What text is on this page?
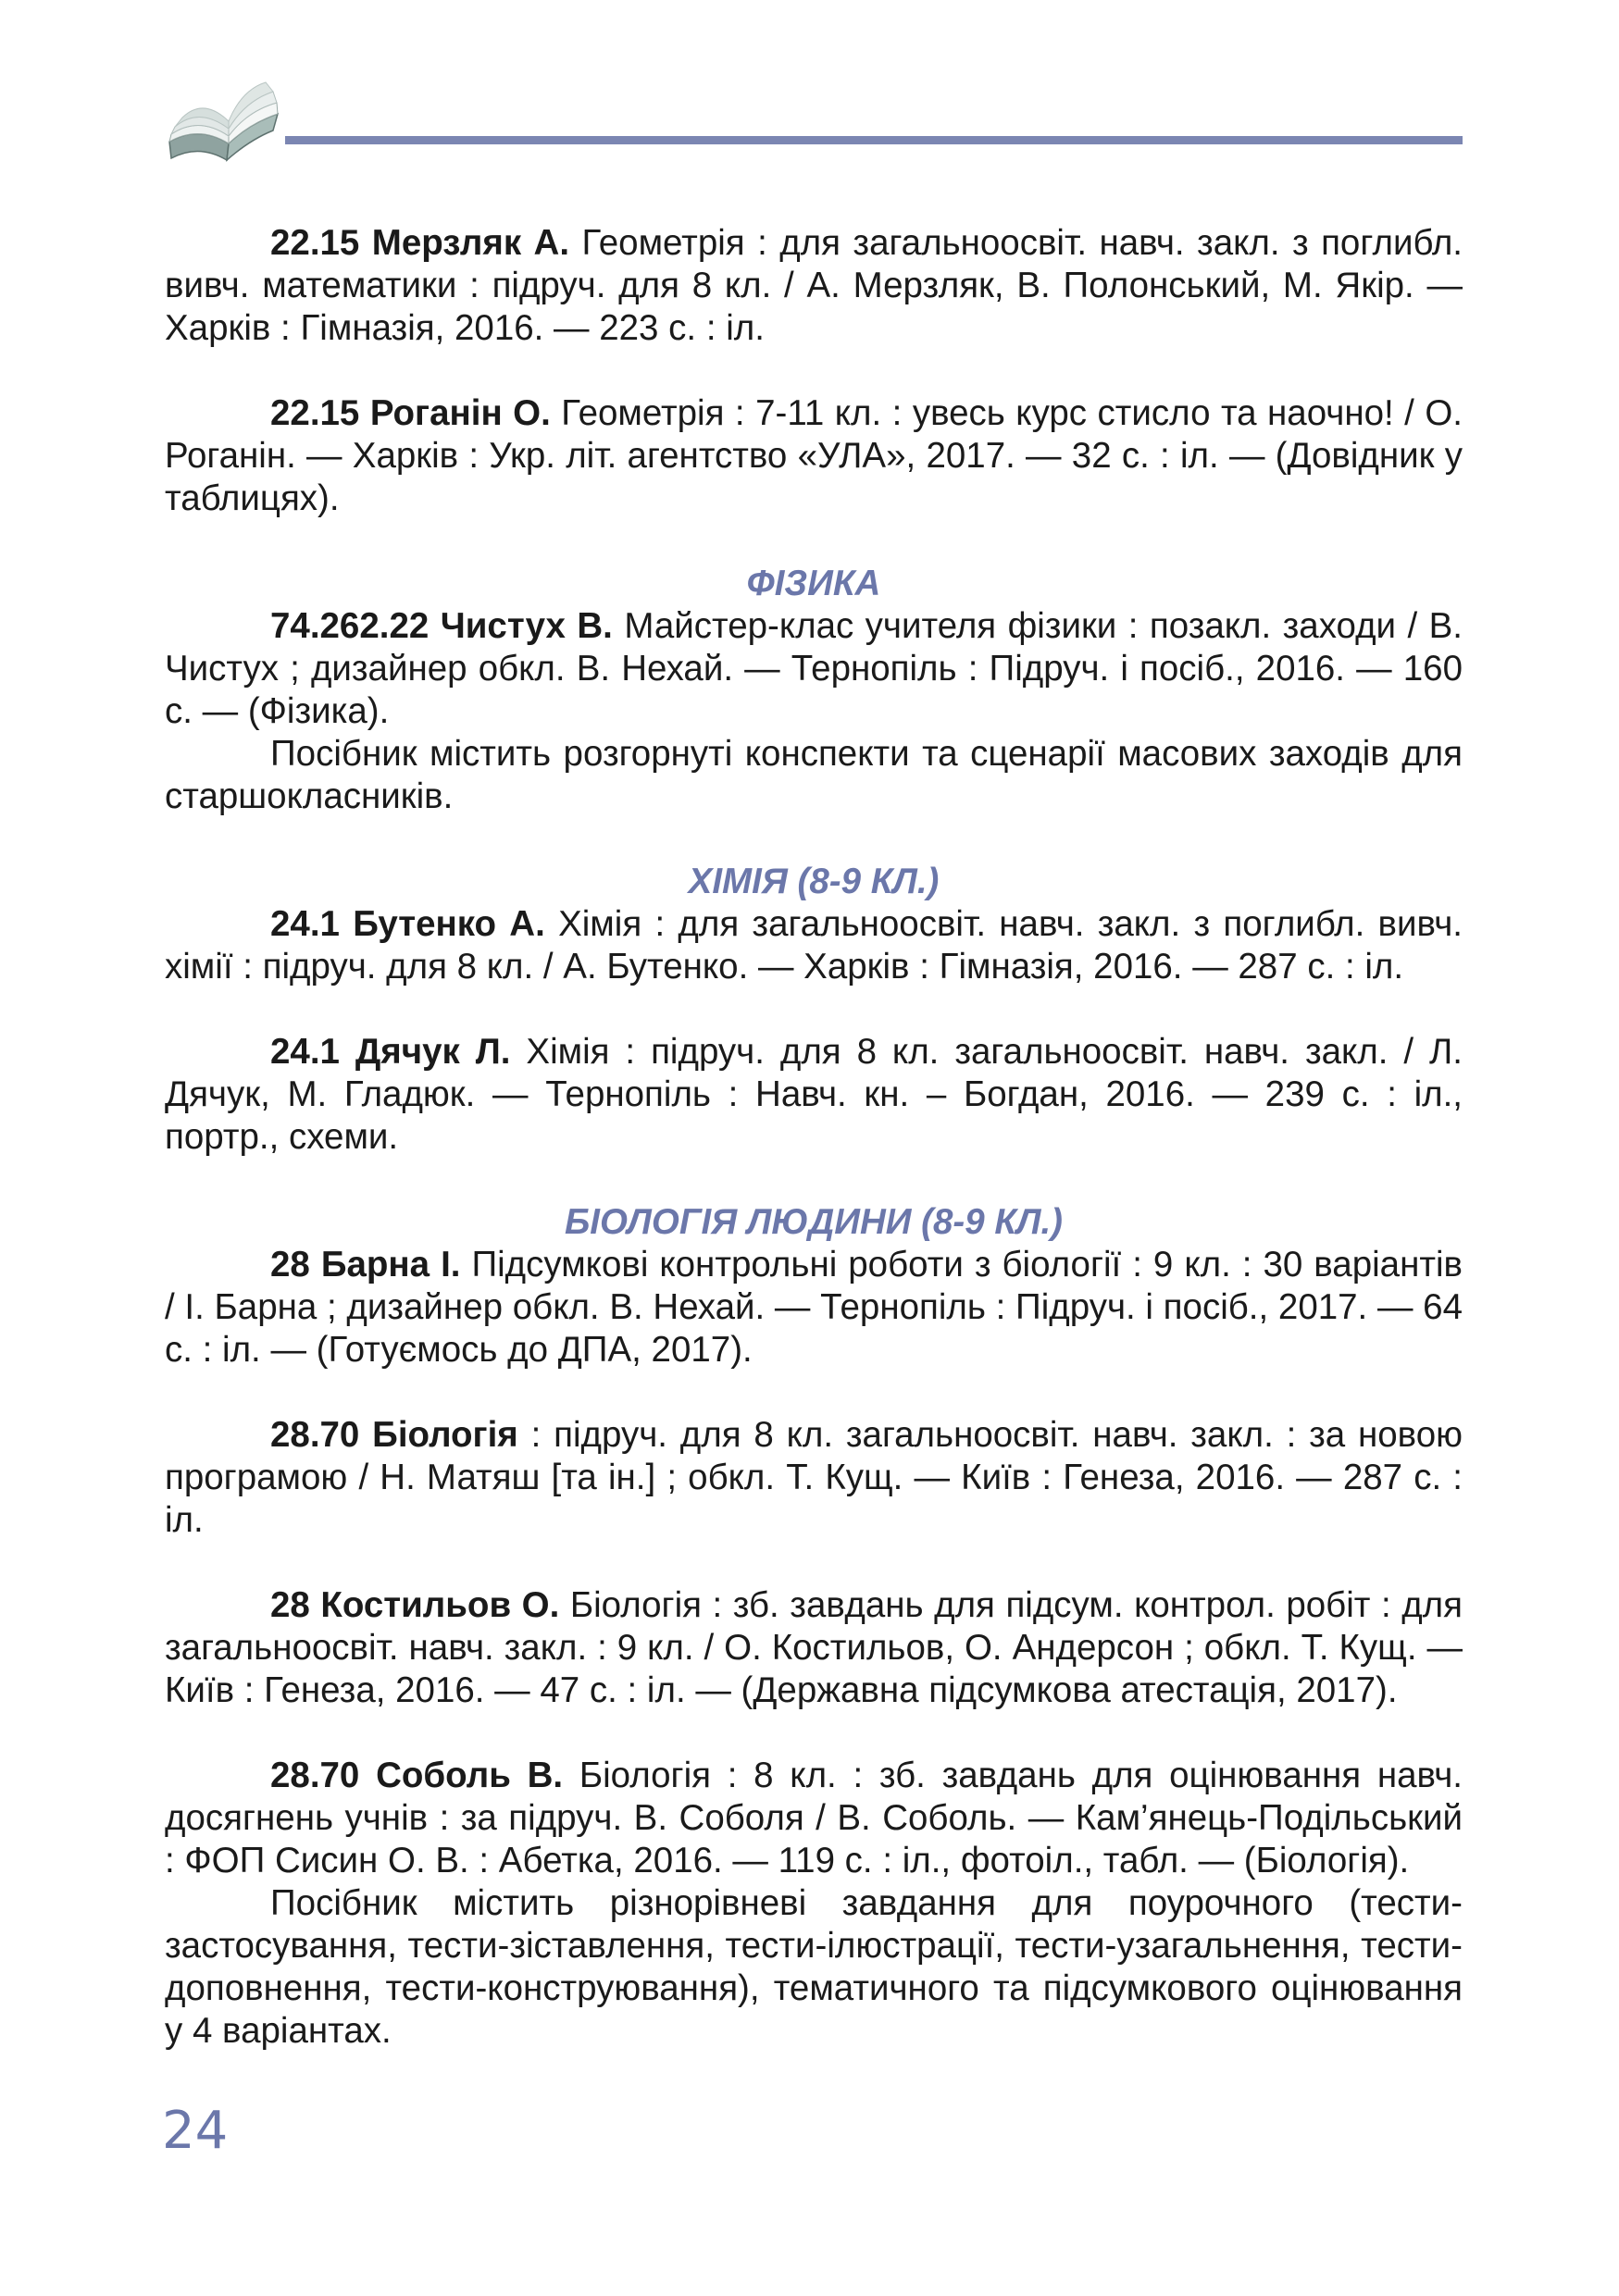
22.15 Мерзляк А. Геометрія : для загальноосвіт. навч. закл. з поглибл. вивч. математики : підруч. для 8 кл. / А. Мерзляк, В. Полонський, М. Якір. — Харків : Гімназія, 2016. — 223 с. : іл.

22.15 Роганін О. Геометрія : 7-11 кл. : увесь курс стисло та наочно! / О. Роганін. — Харків : Укр. літ. агентство «УЛА», 2017. — 32 с. : іл. — (Довідник у таблицях).

ФІЗИКА

74.262.22 Чистух В. Майстер-клас учителя фізики : позакл. заходи / В. Чистух ; дизайнер обкл. В. Нехай. — Тернопіль : Підруч. і посіб., 2016. — 160 с. — (Фізика).

Посібник містить розгорнуті конспекти та сценарії масових заходів для старшокласників.

ХІМІЯ (8-9 КЛ.)

24.1 Бутенко А. Хімія : для загальноосвіт. навч. закл. з поглибл. вивч. хімії : підруч. для 8 кл. / А. Бутенко. — Харків : Гімназія, 2016. — 287 с. : іл.

24.1 Дячук Л. Хімія : підруч. для 8 кл. загальноосвіт. навч. закл. / Л. Дячук, М. Гладюк. — Тернопіль : Навч. кн. – Богдан, 2016. — 239 с. : іл., портр., схеми.

БІОЛОГІЯ ЛЮДИНИ (8-9 КЛ.)

28 Барна І. Підсумкові контрольні роботи з біології : 9 кл. : 30 варіантів / І. Барна ; дизайнер обкл. В. Нехай. — Тернопіль : Підруч. і посіб., 2017. — 64 с. : іл. — (Готуємось до ДПА, 2017).

28.70 Біологія : підруч. для 8 кл. загальноосвіт. навч. закл. : за новою програмою / Н. Матяш [та ін.] ; обкл. Т. Кущ. — Київ : Генеза, 2016. — 287 с. : іл.

28 Костильов О. Біологія : зб. завдань для підсум. контрол. робіт : для загальноосвіт. навч. закл. : 9 кл. / О. Костильов, О. Андерсон ; обкл. Т. Кущ. — Київ : Генеза, 2016. — 47 с. : іл. — (Державна підсумкова атестація, 2017).

28.70 Соболь В. Біологія : 8 кл. : зб. завдань для оцінювання навч. досягнень учнів : за підруч. В. Соболя / В. Соболь. — Кам’янець-Подільський : ФОП Сисин О. В. : Абетка, 2016. — 119 с. : іл., фотоіл., табл. — (Біологія).

Посібник містить різнорівневі завдання для поурочного (тести-застосування, тести-зіставлення, тести-ілюстрації, тести-узагальнення, тести-доповнення, тести-конструювання), тематичного та підсумкового оцінювання у 4 варіантах.

24
